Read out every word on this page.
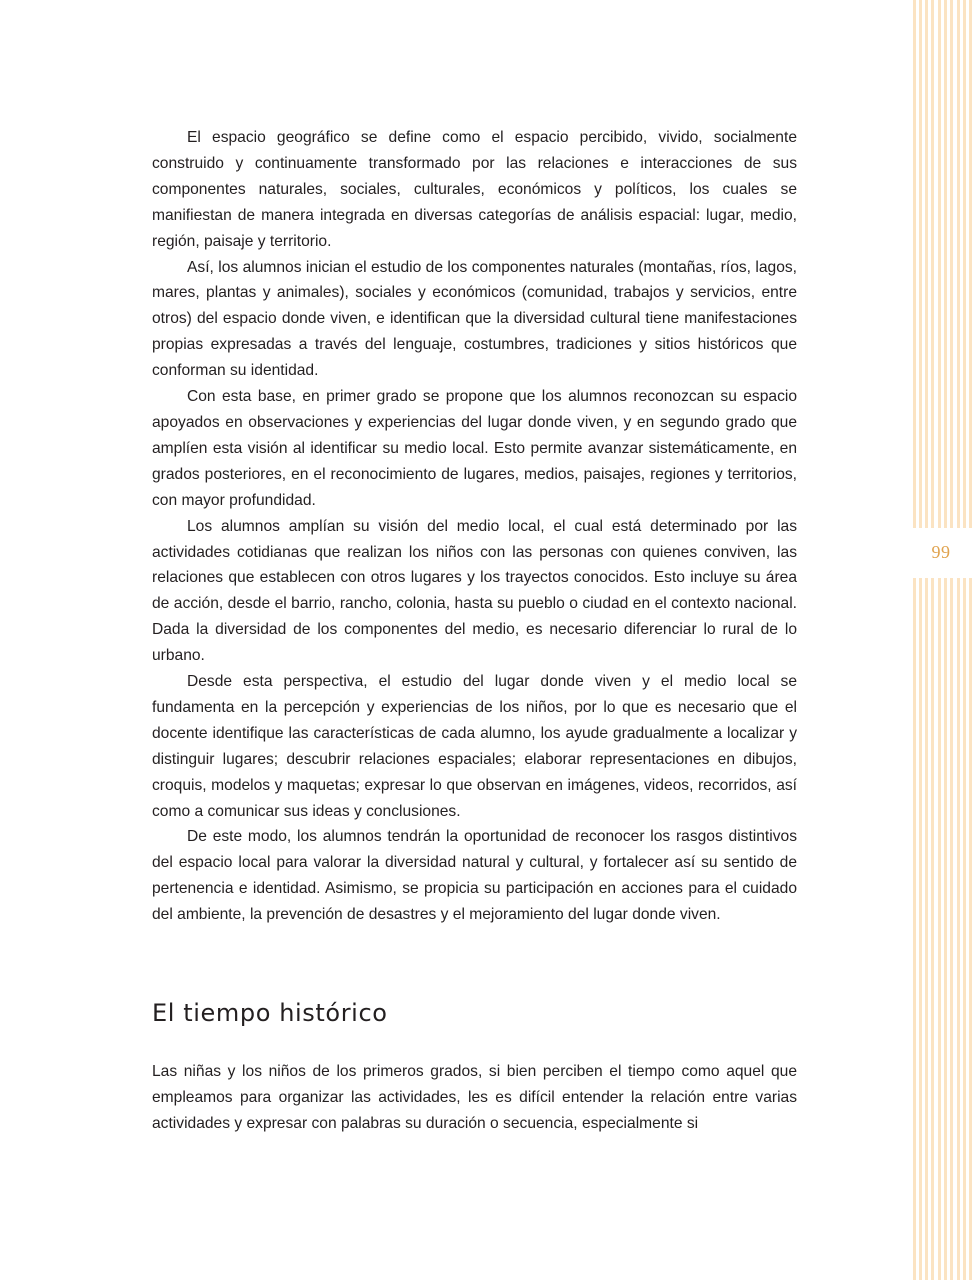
99

El espacio geográfico se define como el espacio percibido, vivido, socialmente construido y continuamente transformado por las relaciones e interacciones de sus componentes naturales, sociales, culturales, económicos y políticos, los cuales se manifiestan de manera integrada en diversas categorías de análisis espacial: lugar, medio, región, paisaje y territorio.

Así, los alumnos inician el estudio de los componentes naturales (montañas, ríos, lagos, mares, plantas y animales), sociales y económicos (comunidad, trabajos y servicios, entre otros) del espacio donde viven, e identifican que la diversidad cultural tiene manifestaciones propias expresadas a través del lenguaje, costumbres, tradiciones y sitios históricos que conforman su identidad.

Con esta base, en primer grado se propone que los alumnos reconozcan su espacio apoyados en observaciones y experiencias del lugar donde viven, y en segundo grado que amplíen esta visión al identificar su medio local. Esto permite avanzar sistemáticamente, en grados posteriores, en el reconocimiento de lugares, medios, paisajes, regiones y territorios, con mayor profundidad.

Los alumnos amplían su visión del medio local, el cual está determinado por las actividades cotidianas que realizan los niños con las personas con quienes conviven, las relaciones que establecen con otros lugares y los trayectos conocidos. Esto incluye su área de acción, desde el barrio, rancho, colonia, hasta su pueblo o ciudad en el contexto nacional. Dada la diversidad de los componentes del medio, es necesario diferenciar lo rural de lo urbano.

Desde esta perspectiva, el estudio del lugar donde viven y el medio local se fundamenta en la percepción y experiencias de los niños, por lo que es necesario que el docente identifique las características de cada alumno, los ayude gradualmente a localizar y distinguir lugares; descubrir relaciones espaciales; elaborar representaciones en dibujos, croquis, modelos y maquetas; expresar lo que observan en imágenes, videos, recorridos, así como a comunicar sus ideas y conclusiones.

De este modo, los alumnos tendrán la oportunidad de reconocer los rasgos distintivos del espacio local para valorar la diversidad natural y cultural, y fortalecer así su sentido de pertenencia e identidad. Asimismo, se propicia su participación en acciones para el cuidado del ambiente, la prevención de desastres y el mejoramiento del lugar donde viven.

El tiempo histórico

Las niñas y los niños de los primeros grados, si bien perciben el tiempo como aquel que empleamos para organizar las actividades, les es difícil entender la relación entre varias actividades y expresar con palabras su duración o secuencia, especialmente si
